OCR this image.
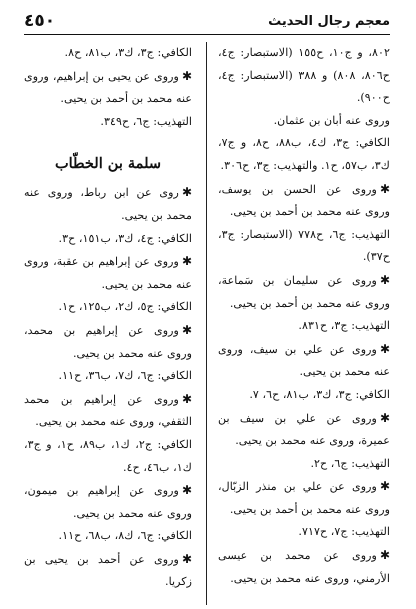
معجم رجال الحديث
٤٥٠

٨٠٢، و ج١٠، ح١٥٥ (الاستبصار: ج٤، ح٨٠٦، ٨٠٨) و ٣٨٨ (الاستبصار: ج٤، ح٩٠٠).

وروى عنه أبان بن عثمان.

الكافي: ج٣، ك٤، ب٨٨، ح٨، و ج٧، ك٣، ب٥٧، ح١. والتهذيب: ج٣، ح٣٠٦.

✱وروى عن الحسن بن يوسف، وروى عنه محمد بن أحمد بن يحيى.

التهذيب: ج٦، ح٧٧٨ (الاستبصار: ج٣، ح٣٧).

✱وروى عن سليمان بن سَماعة، وروى عنه محمد بن أحمد بن يحيى.

التهذيب: ج٣، ح٨٣١.

✱وروى عن علي بن سيف، وروى عنه محمد بن يحيى.

الكافي: ج٣، ك٣، ب٨١، ح٦، ٧.

✱وروى عن علي بن سيف بن عميرة، وروى عنه محمد بن يحيى.

التهذيب: ج٦، ح٢.

✱وروى عن علي بن منذر الزبّال، وروى عنه محمد بن أحمد بن يحيى.

التهذيب: ج٧، ح٧١٧.

✱وروى عن محمد بن عيسى الأرمني، وروى عنه محمد بن يحيى.

الكافي: ج٣، ك٣، ب٨١، ح٨.

✱وروى عن يحيى بن إبراهيم، وروى عنه محمد بن أحمد بن يحيى.

التهذيب: ج٦، ح٣٤٩.

سلمة بن الخطّاب

✱روى عن ابن رباط، وروى عنه محمد بن يحيى.

الكافي: ج٤، ك٣، ب١٥١، ح٣.

✱وروى عن إبراهيم بن عقبة، وروى عنه محمد بن يحيى.

الكافي: ج٥، ك٢، ب١٢٥، ح١.

✱وروى عن إبراهيم بن محمد، وروى عنه محمد بن يحيى.

الكافي: ج٦، ك٧، ب٣٦، ح١١.

✱وروى عن إبراهيم بن محمد الثقفي، وروى عنه محمد بن يحيى.

الكافي: ج٢، ك١، ب٨٩، ح١، و ج٣، ك١، ب٤٦، ح٤.

✱وروى عن إبراهيم بن ميمون، وروى عنه محمد بن يحيى.

الكافي: ج٦، ك٨، ب٦٨، ح١١.

✱وروى عن أحمد بن يحيى بن زكريا.
